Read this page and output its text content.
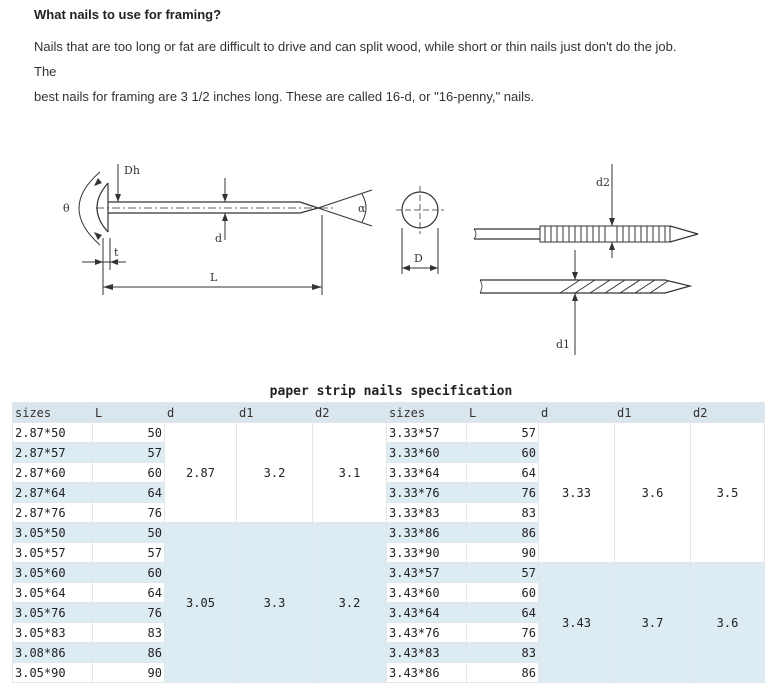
What nails to use for framing?
Nails that are too long or fat are difficult to drive and can split wood, while short or thin nails just don't do the job.
The
best nails for framing are 3 1/2 inches long. These are called 16-d, or "16-penny," nails.
θ
Dh
d
t
L
α
D
d2
d1
paper strip nails specification
sizes	L	d	d1	d2	sizes	L	d	d1	d2
2.87*50	50	2.87	3.2	3.1	3.33*57	57	3.33	3.6	3.5
2.87*57	57				3.33*60	60			
2.87*60	60				3.33*64	64			
2.87*64	64				3.33*76	76			
2.87*76	76				3.33*83	83			
3.05*50	50	3.05	3.3	3.2	3.33*86	86			
3.05*57	57				3.33*90	90			
3.05*60	60				3.43*57	57	3.43	3.7	3.6
3.05*64	64				3.43*60	60			
3.05*76	76				3.43*64	64			
3.05*83	83				3.43*76	76			
3.08*86	86				3.43*83	83			
3.05*90	90				3.43*86	86			
